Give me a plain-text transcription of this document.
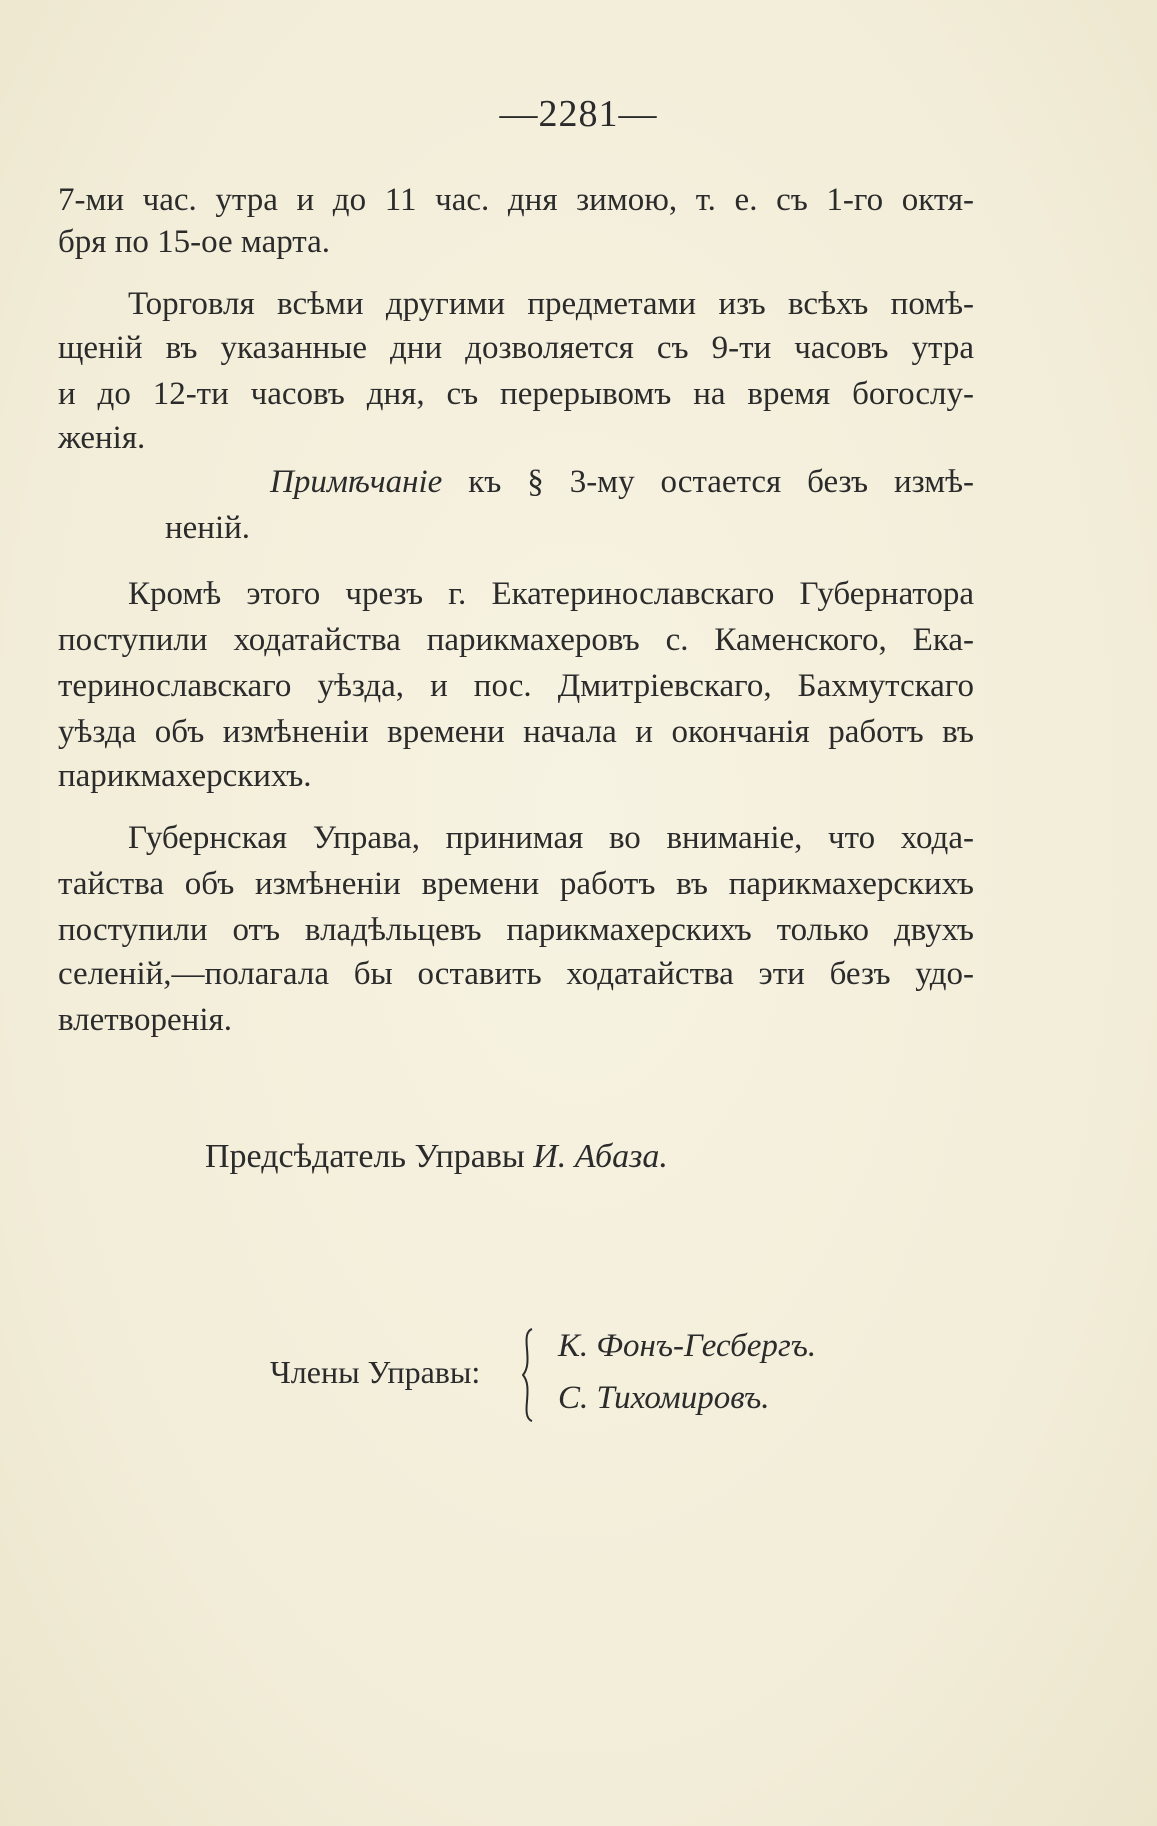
—2281—
7-ми час. утра и до 11 час. дня зимою, т. е. съ 1-го октя-
бря по 15-ое марта.
Торговля всѣми другими предметами изъ всѣхъ помѣ-
щеній въ указанные дни дозволяется съ 9-ти часовъ утра
и до 12-ти часовъ дня, съ перерывомъ на время богослу-
женія.
Примѣчаніе къ § 3-му остается безъ измѣ-
неній.
Кромѣ этого чрезъ г. Екатеринославскаго Губернатора
поступили ходатайства парикмахеровъ с. Каменского, Ека-
теринославскаго уѣзда, и пос. Дмитріевскаго, Бахмутскаго
уѣзда объ измѣненіи времени начала и окончанія работъ въ
парикмахерскихъ.
Губернская Управа, принимая во вниманіе, что хода-
тайства объ измѣненіи времени работъ въ парикмахерскихъ
поступили отъ владѣльцевъ парикмахерскихъ только двухъ
селеній,—полагала бы оставить ходатайства эти безъ удо-
влетворенія.
Предсѣдатель Управы И. Абаза.
Члены Управы:
К. Фонъ-Гесбергъ.
С. Тихомировъ.
